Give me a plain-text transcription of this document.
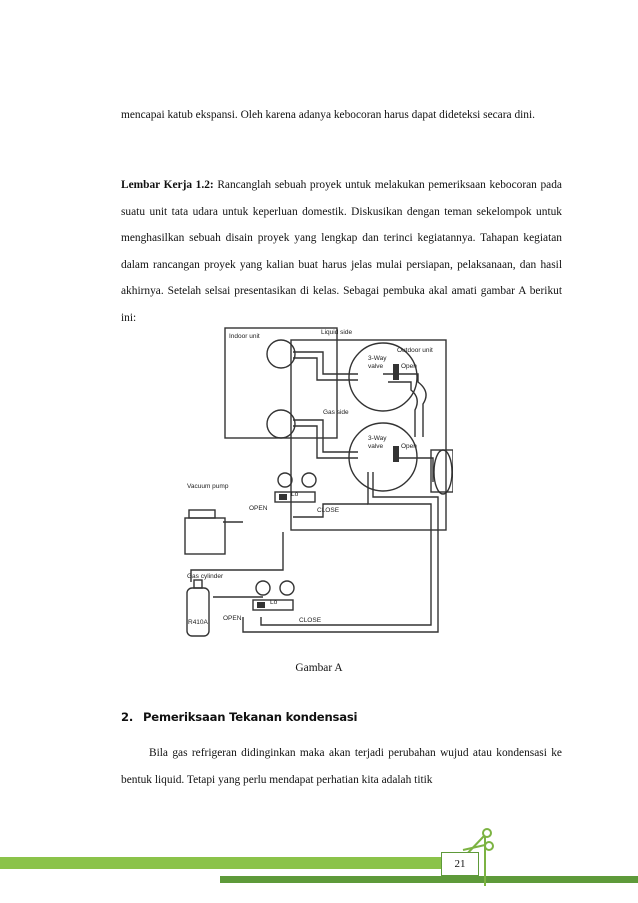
mencapai katub ekspansi. Oleh karena adanya kebocoran harus dapat dideteksi secara dini.

Lembar Kerja 1.2: Rancanglah sebuah proyek untuk melakukan pemeriksaan kebocoran pada suatu unit tata udara untuk keperluan domestik. Diskusikan dengan teman sekelompok untuk menghasilkan sebuah disain proyek yang lengkap dan terinci kegiatannya. Tahapan kegiatan dalam rancangan proyek yang kalian buat harus jelas mulai persiapan, pelaksanaan, dan hasil akhirnya. Setelah selsai presentasikan di kelas. Sebagai pembuka akal amati gambar A berikut ini:

Indoor unit
Liquid side
Outdoor unit
3-Way
valve	Open
Gas side
3-Way
valve	Open
Vacuum pump
OPEN
Lo
CLOSE
Gas cylinder
R410A
OPEN
Lo
CLOSE
Gambar A
2. Pemeriksaan Tekanan kondensasi

Bila gas refrigeran didinginkan maka akan terjadi perubahan wujud atau kondensasi ke bentuk liquid. Tetapi yang perlu mendapat perhatian kita adalah titik

21
